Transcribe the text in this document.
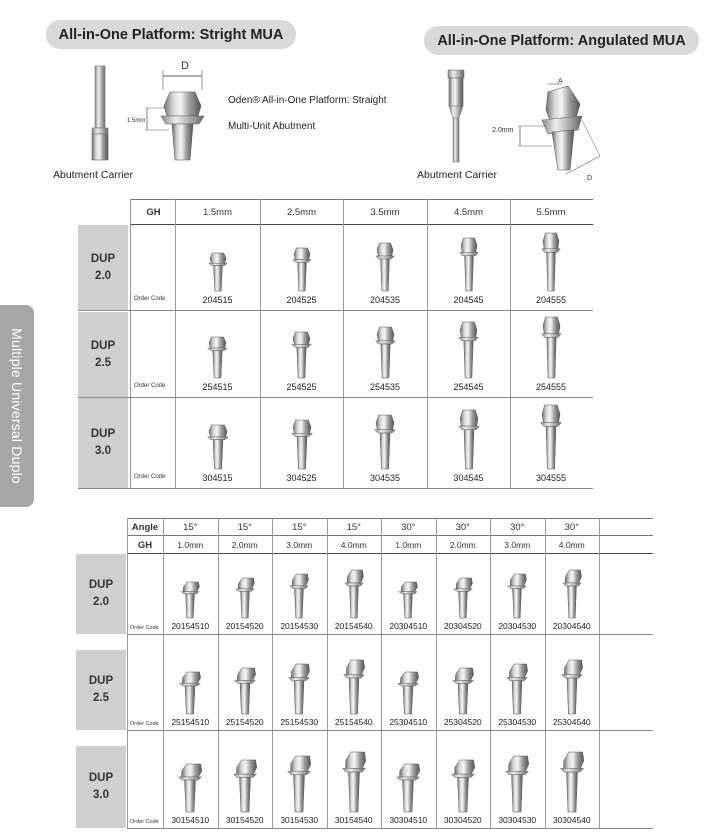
All-in-One Platform: Stright MUA	All-in-One Platform: Angulated MUA
Abutment Carrier
D
1.5mm
Oden® All-in-One Platform: Straight
Multi-Unit Abutment
Abutment Carrier
A
2.0mm
D
Multiple Universal Duplo
GH	1.5mm	2.5mm	3.5mm	4.5mm	5.5mm
DUP
2.0
Order Code	204515	204525	204535	204545	204555
DUP
2.5
Order Code	254515	254525	254535	254545	254555
DUP
3.0
Order Code	304515	304525	304535	304545	304555
Angle
GH
15°	15°	15°	15°	30°	30°	30°	30°
1.0mm	2.0mm	3.0mm	4.0mm	1.0mm	2.0mm	3.0mm	4.0mm
DUP
2.0
Order Code	20154510	20154520	20154530	20154540	20304510	20304520	20304530	20304540
DUP
2.5
Order Code	25154510	25154520	25154530	25154540	25304510	25304520	25304530	25304540
DUP
3.0
Order Code	30154510	30154520	30154530	30154540	30304510	30304520	30304530	30304540
